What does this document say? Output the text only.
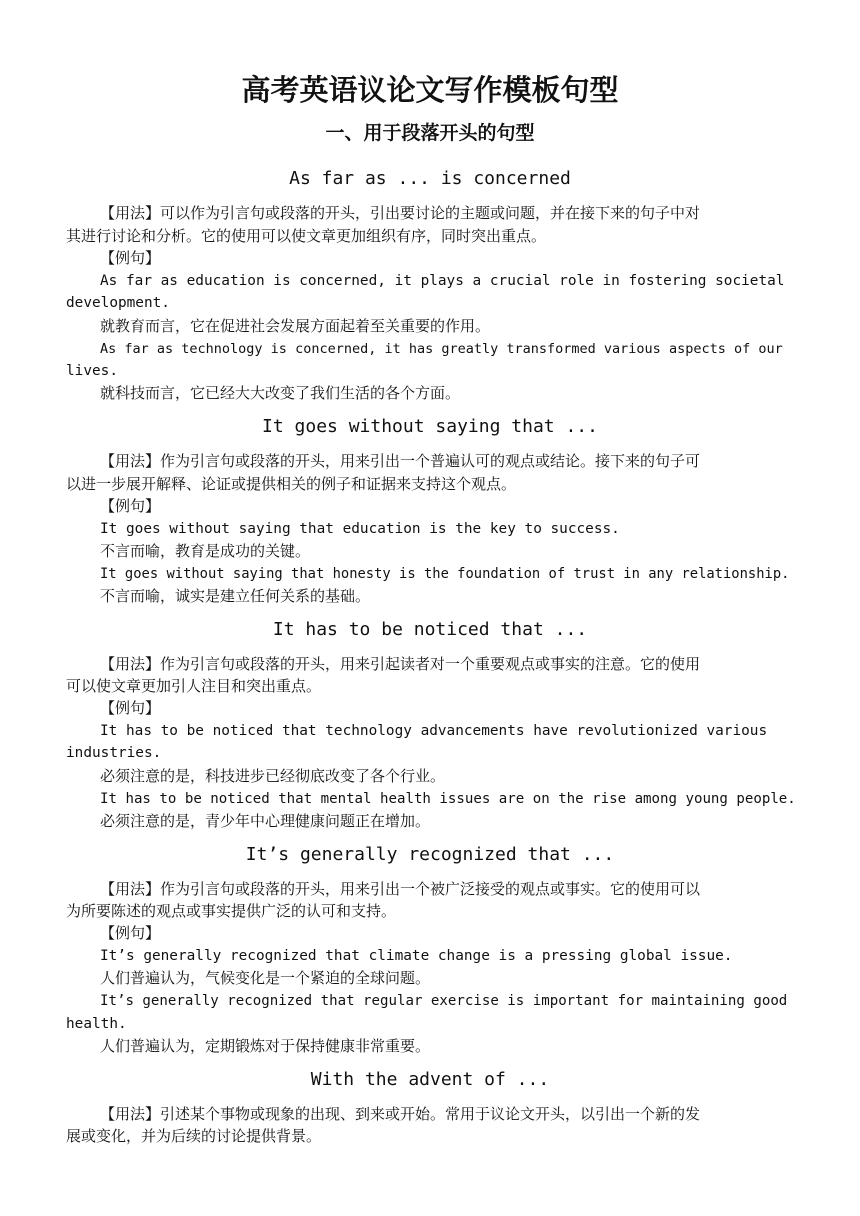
高考英语议论文写作模板句型
一、用于段落开头的句型
As far as ... is concerned
【用法】可以作为引言句或段落的开头，引出要讨论的主题或问题，并在接下来的句子中对
其进行讨论和分析。它的使用可以使文章更加组织有序，同时突出重点。
【例句】
As far as education is concerned, it plays a crucial role in fostering societal
development.
就教育而言，它在促进社会发展方面起着至关重要的作用。
As far as technology is concerned, it has greatly transformed various aspects of our
lives.
就科技而言，它已经大大改变了我们生活的各个方面。
It goes without saying that ...
【用法】作为引言句或段落的开头，用来引出一个普遍认可的观点或结论。接下来的句子可
以进一步展开解释、论证或提供相关的例子和证据来支持这个观点。
【例句】
It goes without saying that education is the key to success.
不言而喻，教育是成功的关键。
It goes without saying that honesty is the foundation of trust in any relationship.
不言而喻，诚实是建立任何关系的基础。
It has to be noticed that ...
【用法】作为引言句或段落的开头，用来引起读者对一个重要观点或事实的注意。它的使用
可以使文章更加引人注目和突出重点。
【例句】
It has to be noticed that technology advancements have revolutionized various
industries.
必须注意的是，科技进步已经彻底改变了各个行业。
It has to be noticed that mental health issues are on the rise among young people.
必须注意的是，青少年中心理健康问题正在增加。
It’s generally recognized that ...
【用法】作为引言句或段落的开头，用来引出一个被广泛接受的观点或事实。它的使用可以
为所要陈述的观点或事实提供广泛的认可和支持。
【例句】
It’s generally recognized that climate change is a pressing global issue.
人们普遍认为，气候变化是一个紧迫的全球问题。
It’s generally recognized that regular exercise is important for maintaining good
health.
人们普遍认为，定期锻炼对于保持健康非常重要。
With the advent of ...
【用法】引述某个事物或现象的出现、到来或开始。常用于议论文开头，以引出一个新的发
展或变化，并为后续的讨论提供背景。
